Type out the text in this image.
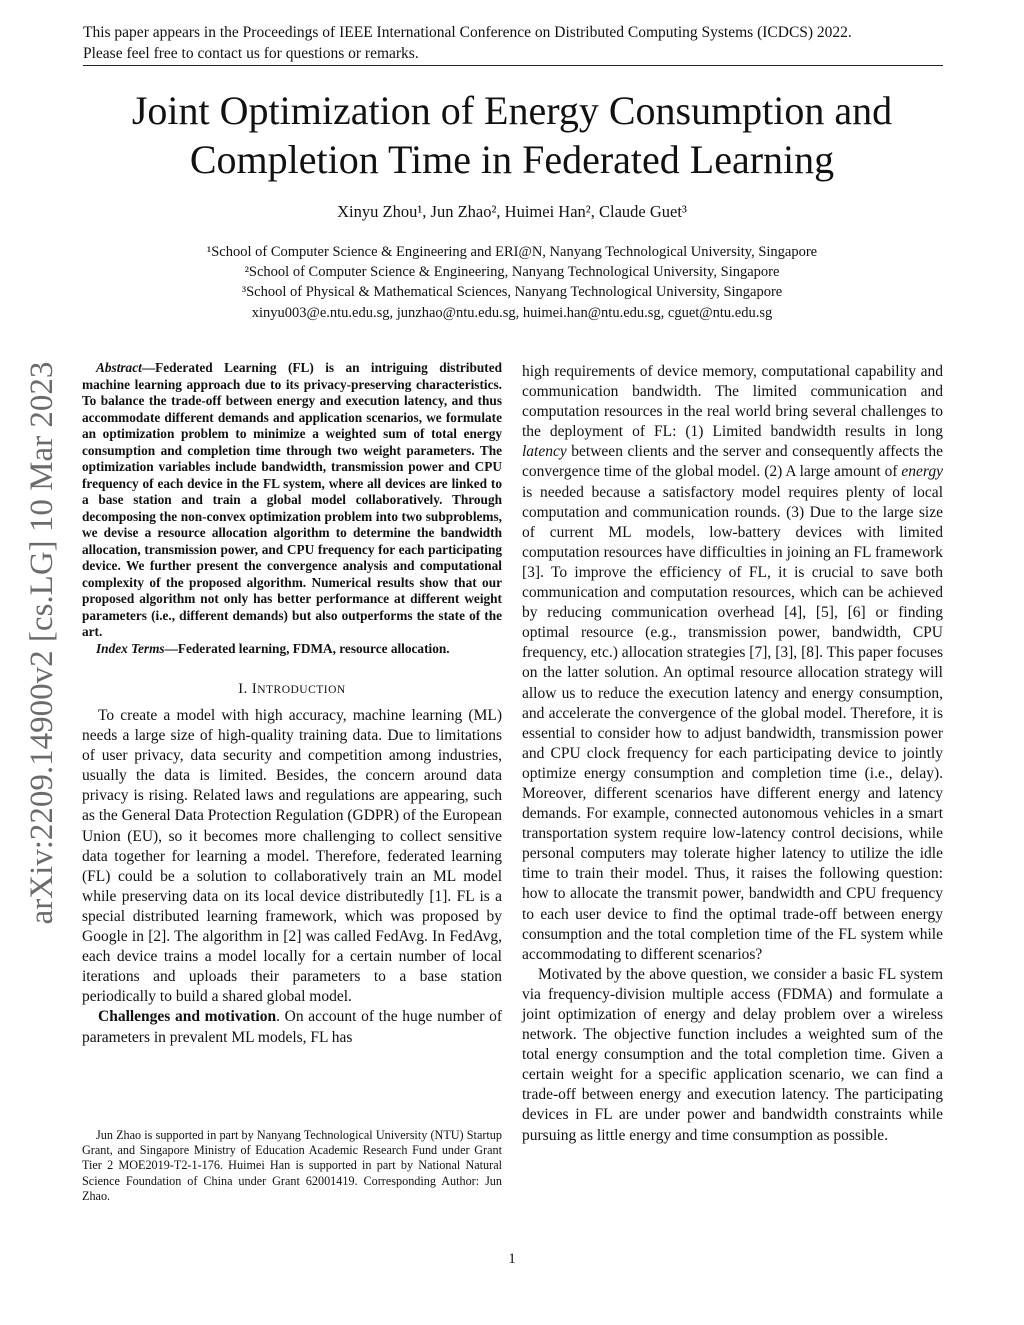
This paper appears in the Proceedings of IEEE International Conference on Distributed Computing Systems (ICDCS) 2022.
Please feel free to contact us for questions or remarks.
Joint Optimization of Energy Consumption and
Completion Time in Federated Learning
Xinyu Zhou¹, Jun Zhao², Huimei Han², Claude Guet³
¹School of Computer Science & Engineering and ERI@N, Nanyang Technological University, Singapore
²School of Computer Science & Engineering, Nanyang Technological University, Singapore
³School of Physical & Mathematical Sciences, Nanyang Technological University, Singapore
xinyu003@e.ntu.edu.sg, junzhao@ntu.edu.sg, huimei.han@ntu.edu.sg, cguet@ntu.edu.sg
arXiv:2209.14900v2 [cs.LG] 10 Mar 2023	Abstract—Federated Learning (FL) is an intriguing distributed machine learning approach due to its privacy-preserving characteristics. To balance the trade-off between energy and execution latency, and thus accommodate different demands and application scenarios, we formulate an optimization problem to minimize a weighted sum of total energy consumption and completion time through two weight parameters. The optimization variables include bandwidth, transmission power and CPU frequency of each device in the FL system, where all devices are linked to a base station and train a global model collaboratively. Through decomposing the non-convex optimization problem into two subproblems, we devise a resource allocation algorithm to determine the bandwidth allocation, transmission power, and CPU frequency for each participating device. We further present the convergence analysis and computational complexity of the proposed algorithm. Numerical results show that our proposed algorithm not only has better performance at different weight parameters (i.e., different demands) but also outperforms the state of the art.

Index Terms—Federated learning, FDMA, resource allocation.

I. INTRODUCTION

To create a model with high accuracy, machine learning (ML) needs a large size of high-quality training data. Due to limitations of user privacy, data security and competition among industries, usually the data is limited. Besides, the concern around data privacy is rising. Related laws and regulations are appearing, such as the General Data Protection Regulation (GDPR) of the European Union (EU), so it becomes more challenging to collect sensitive data together for learning a model. Therefore, federated learning (FL) could be a solution to collaboratively train an ML model while preserving data on its local device distributedly [1]. FL is a special distributed learning framework, which was proposed by Google in [2]. The algorithm in [2] was called FedAvg. In FedAvg, each device trains a model locally for a certain number of local iterations and uploads their parameters to a base station periodically to build a shared global model.

Challenges and motivation. On account of the huge number of parameters in prevalent ML models, FL has

Jun Zhao is supported in part by Nanyang Technological University (NTU) Startup Grant, and Singapore Ministry of Education Academic Research Fund under Grant Tier 2 MOE2019-T2-1-176. Huimei Han is supported in part by National Natural Science Foundation of China under Grant 62001419. Corresponding Author: Jun Zhao.

high requirements of device memory, computational capability and communication bandwidth. The limited communication and computation resources in the real world bring several challenges to the deployment of FL: (1) Limited bandwidth results in long latency between clients and the server and consequently affects the convergence time of the global model. (2) A large amount of energy is needed because a satisfactory model requires plenty of local computation and communication rounds. (3) Due to the large size of current ML models, low-battery devices with limited computation resources have difficulties in joining an FL framework [3]. To improve the efficiency of FL, it is crucial to save both communication and computation resources, which can be achieved by reducing communication overhead [4], [5], [6] or finding optimal resource (e.g., transmission power, bandwidth, CPU frequency, etc.) allocation strategies [7], [3], [8]. This paper focuses on the latter solution. An optimal resource allocation strategy will allow us to reduce the execution latency and energy consumption, and accelerate the convergence of the global model. Therefore, it is essential to consider how to adjust bandwidth, transmission power and CPU clock frequency for each participating device to jointly optimize energy consumption and completion time (i.e., delay). Moreover, different scenarios have different energy and latency demands. For example, connected autonomous vehicles in a smart transportation system require low-latency control decisions, while personal computers may tolerate higher latency to utilize the idle time to train their model. Thus, it raises the following question: how to allocate the transmit power, bandwidth and CPU frequency to each user device to find the optimal trade-off between energy consumption and the total completion time of the FL system while accommodating to different scenarios?

Motivated by the above question, we consider a basic FL system via frequency-division multiple access (FDMA) and formulate a joint optimization of energy and delay problem over a wireless network. The objective function includes a weighted sum of the total energy consumption and the total completion time. Given a certain weight for a specific application scenario, we can find a trade-off between energy and execution latency. The participating devices in FL are under power and bandwidth constraints while pursuing as little energy and time consumption as possible.

1
